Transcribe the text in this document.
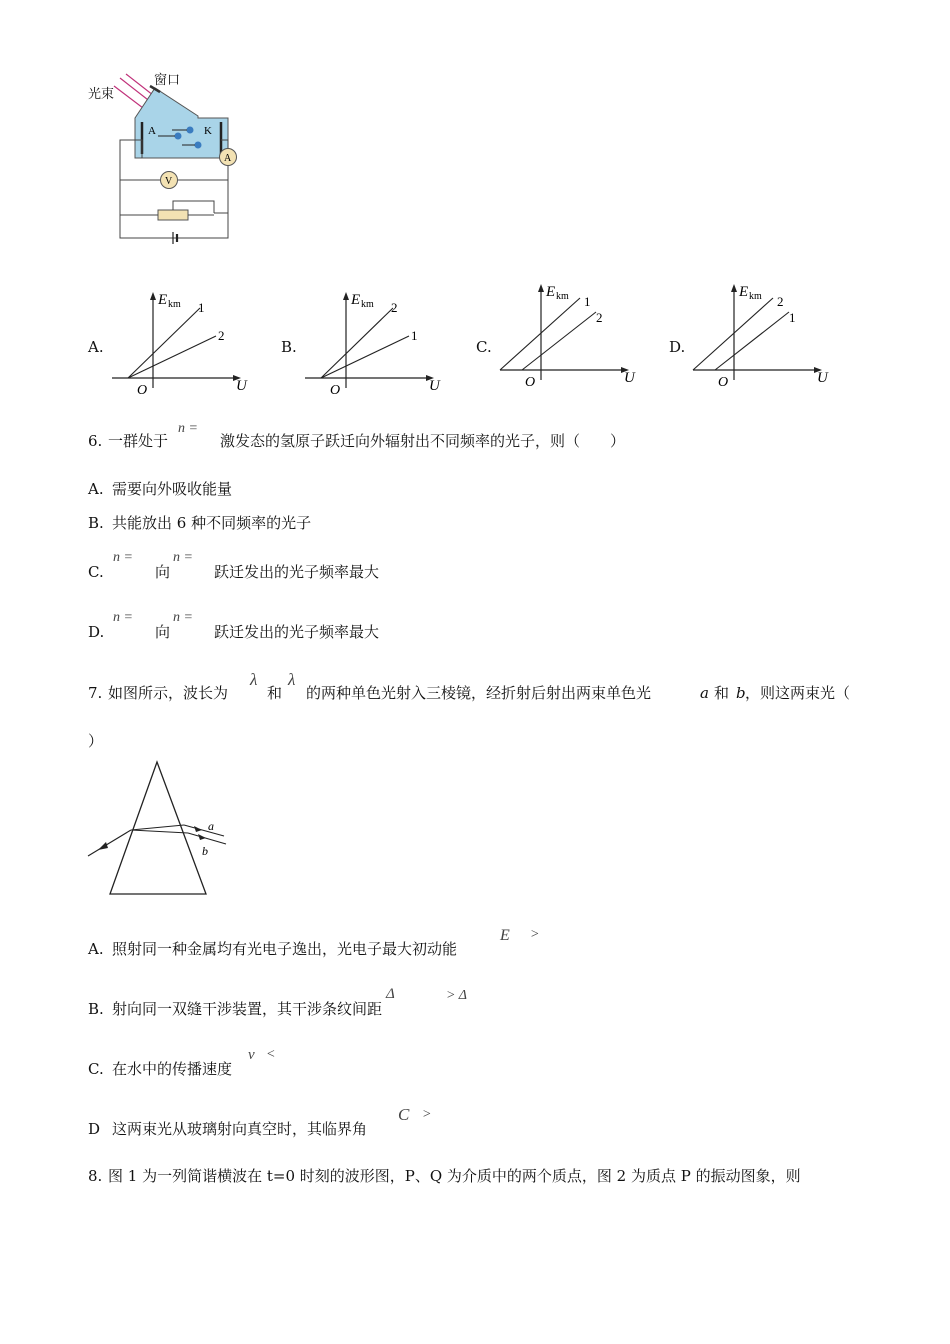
A	K
A
V
光束
窗口
A.
E km
O	U
1
2
B.
E km
O	U
2
1
C.
E km
O	U
1
2
D.
E km
O	U
2
1
6. 一群处于
n =
激发态的氢原子跃迁向外辐射出不同频率的光子，则（　　）
A. 需要向外吸收能量
B. 共能放出 6 种不同频率的光子
C.
n =
向
n =
跃迁发出的光子频率最大
D.
n =
向
n =
跃迁发出的光子频率最大
7. 如图所示，波长为
λ
和
λ
的两种单色光射入三棱镜，经折射后射出两束单色光	a 和 b ，则这两束光（
）
a
b
A. 照射同一种金属均有光电子逸出，光电子最大初动能
E >
B. 射向同一双缝干涉装置，其干涉条纹间距
Δ	> Δ
C. 在水中的传播速度
v <
D 这两束光从玻璃射向真空时，其临界角
C >
8. 图 1 为一列简谐横波在 t=0 时刻的波形图，P、Q 为介质中的两个质点，图 2 为质点 P 的振动图象，则
